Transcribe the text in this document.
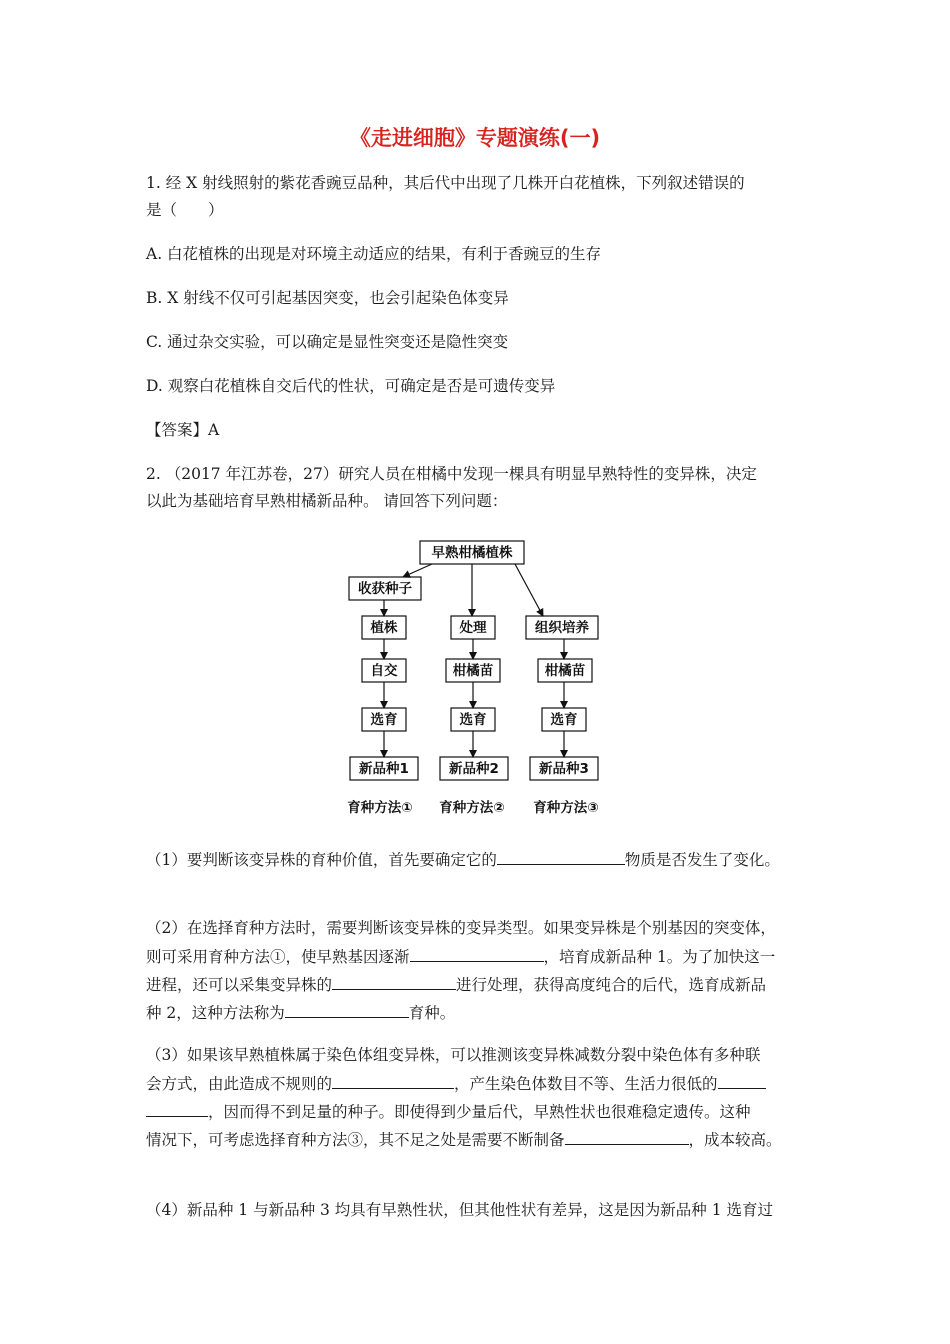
《走进细胞》专题演练(一)
1. 经 X 射线照射的紫花香豌豆品种，其后代中出现了几株开白花植株，下列叙述错误的
是（　　）
A. 白花植株的出现是对环境主动适应的结果，有利于香豌豆的生存
B. X 射线不仅可引起基因突变，也会引起染色体变异
C. 通过杂交实验，可以确定是显性突变还是隐性突变
D. 观察白花植株自交后代的性状，可确定是否是可遗传变异
【答案】A
2. （2017 年江苏卷，27）研究人员在柑橘中发现一棵具有明显早熟特性的变异株，决定
以此为基础培育早熟柑橘新品种。 请回答下列问题：
早熟柑橘植株
收获种子
植株
自交
选育
新品种1
处理
柑橘苗
选育
新品种2
组织培养
柑橘苗
选育
新品种3
育种方法① 育种方法② 育种方法③
（1）要判断该变异株的育种价值，首先要确定它的	物质是否发生了变化。
（2）在选择育种方法时，需要判断该变异株的变异类型。如果变异株是个别基因的突变体，
则可采用育种方法①，使早熟基因逐渐	，培育成新品种 1。为了加快这一
进程，还可以采集变异株的	进行处理，获得高度纯合的后代，选育成新品
种 2，这种方法称为	育种。
（3）如果该早熟植株属于染色体组变异株，可以推测该变异株减数分裂中染色体有多种联
会方式，由此造成不规则的	，产生染色体数目不等、生活力很低的
，因而得不到足量的种子。即使得到少量后代，早熟性状也很难稳定遗传。这种
情况下，可考虑选择育种方法③，其不足之处是需要不断制备	，成本较高。
（4）新品种 1 与新品种 3 均具有早熟性状，但其他性状有差异，这是因为新品种 1 选育过
